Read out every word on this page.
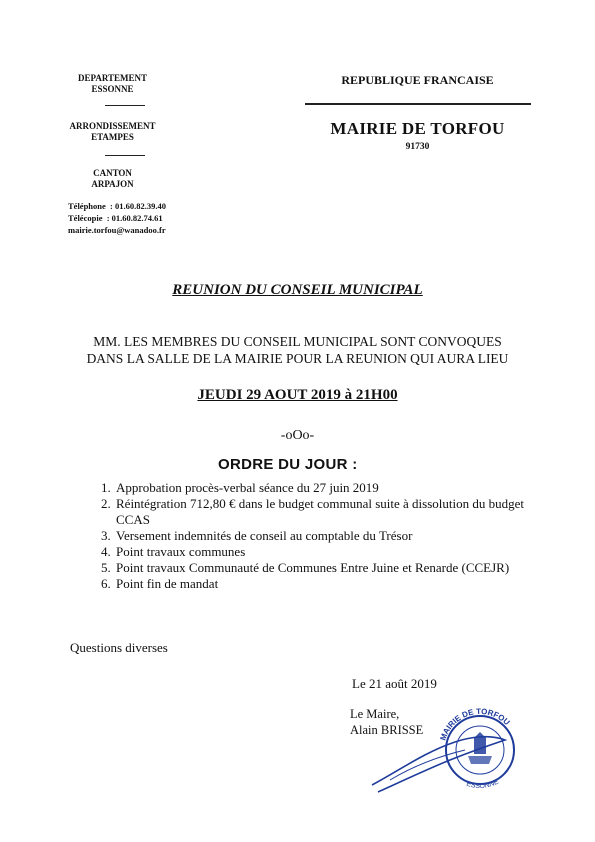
DEPARTEMENT
ESSONNE
ARRONDISSEMENT
ETAMPES
CANTON
ARPAJON
Téléphone  : 01.60.82.39.40
Télécopie  : 01.60.82.74.61
mairie.torfou@wanadoo.fr
REPUBLIQUE FRANCAISE
MAIRIE DE TORFOU
91730
REUNION DU CONSEIL MUNICIPAL
MM. LES MEMBRES DU CONSEIL MUNICIPAL SONT CONVOQUES
DANS LA SALLE DE LA MAIRIE POUR LA REUNION QUI AURA LIEU
JEUDI 29 AOUT 2019 à 21H00
-oOo-
ORDRE DU JOUR :
1. Approbation procès-verbal séance du 27 juin 2019
2. Réintégration 712,80 € dans le budget communal suite à dissolution du budget CCAS
3. Versement indemnités de conseil au comptable du Trésor
4. Point travaux communes
5. Point travaux Communauté de Communes Entre Juine et Renarde (CCEJR)
6. Point fin de mandat
Questions diverses
Le 21 août 2019
MAIRIE DE TORFOU
ESSONNE
Le Maire,
Alain BRISSE
